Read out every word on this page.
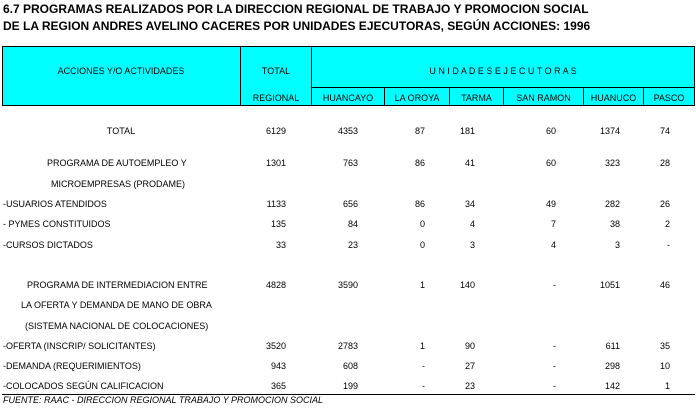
6.7 PROGRAMAS REALIZADOS POR LA DIRECCION REGIONAL DE TRABAJO Y PROMOCION SOCIAL
DE LA REGION ANDRES AVELINO CACERES POR UNIDADES EJECUTORAS, SEGÚN ACCIONES: 1996
ACCIONES Y/O ACTIVIDADES	TOTAL
REGIONAL
U N I D A D E S E J E C U T O R A S
HUANCAYO	LA OROYA	TARMA	SAN RAMON	HUANUCO	PASCO
TOTAL	6129	4353	87	181	60	1374	74
PROGRAMA DE AUTOEMPLEO Y	1301	763	86	41	60	323	28
MICROEMPRESAS (PRODAME)
-USUARIOS ATENDIDOS	1133	656	86	34	49	282	26
- PYMES CONSTITUIDOS	135	84	0	4	7	38	2
-CURSOS DICTADOS	33	23	0	3	4	3	-
PROGRAMA DE INTERMEDIACION ENTRE	4828	3590	1	140	-	1051	46
LA OFERTA Y DEMANDA DE MANO DE OBRA
(SISTEMA NACIONAL DE COLOCACIONES)
-OFERTA (INSCRIP/ SOLICITANTES)	3520	2783	1	90	-	611	35
-DEMANDA (REQUERIMIENTOS)	943	608	-	27	-	298	10
-COLOCADOS SEGÚN CALIFICACION	365	199	-	23	-	142	1
FUENTE: RAAC - DIRECCION REGIONAL TRABAJO Y PROMOCION SOCIAL
